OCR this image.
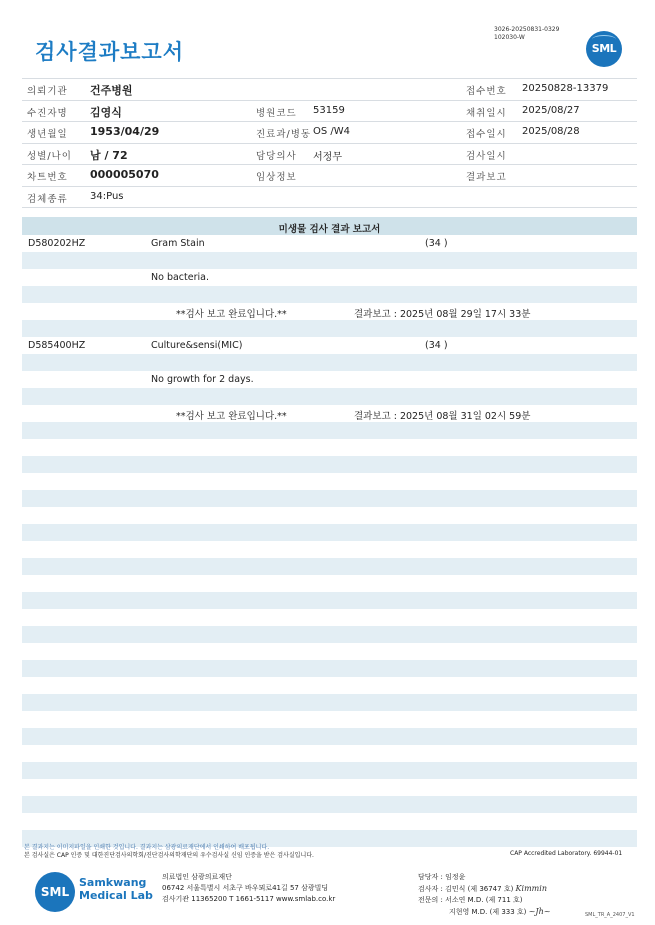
검사결과보고서
3026-20250831-0329
102030-W
SML
의뢰기관 건주병원	접수번호 20250828-13379
수진자명 김영식	병원코드 53159	채취일시 2025/08/27
생년월일 1953/04/29	진료과/병동 OS /W4	접수일시 2025/08/28
성별/나이 남 / 72	담당의사 서정무	검사일시
차트번호 000005070	임상정보	결과보고
검체종류 34:Pus
미생물 검사 결과 보고서
D580202HZ	Gram Stain	(34 )
No bacteria.
**검사 보고 완료입니다.**	결과보고 : 2025년 08월 29일 17시 33분
D585400HZ	Culture&sensi(MIC)	(34 )
No growth for 2 days.
**검사 보고 완료입니다.**	결과보고 : 2025년 08월 31일 02시 59분
본 결과지는 이미지파일을 인쇄한 것입니다. 결과지는 삼광의료재단에서 인쇄하여 배포됩니다.
본 검사실은 CAP 인증 및 대한진단검사의학회/진단검사의학재단의 우수검사실 신임 인증을 받은 검사실입니다.	CAP Accredited Laboratory. 69944-01
SML
Samkwang
Medical Lab
의료법인 삼광의료재단
06742 서울특별시 서초구 바우뫼로41길 57 삼광빌딩
검사기관 11365200 T 1661-5117 www.smlab.co.kr
담당자 : 임정윤
검사자 : 김민식 (제 36747 호) Kimmin
전문의 : 서소연 M.D. (제 711 호)
지현영 M.D. (제 333 호) ~Jh~	SML_TR_A_2407_V1
